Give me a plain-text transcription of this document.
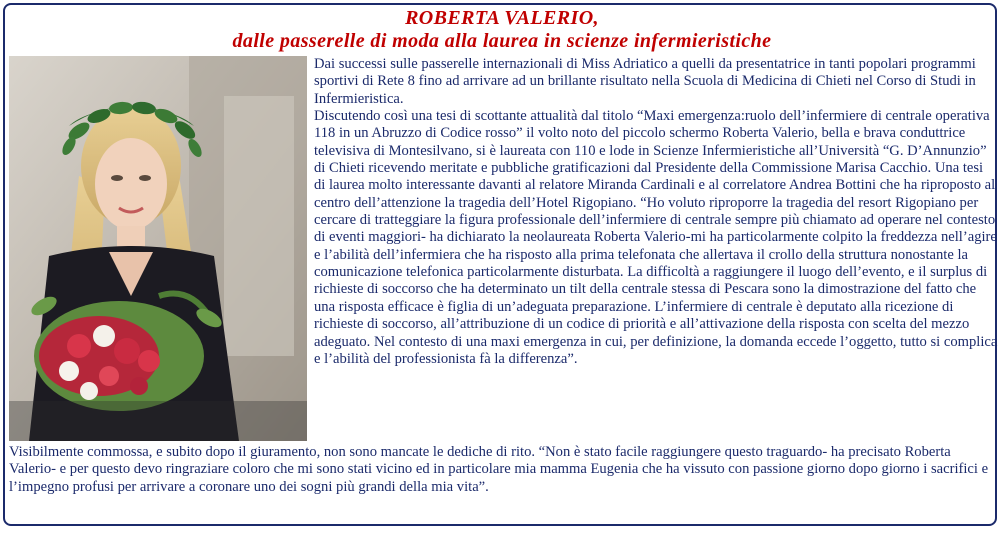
ROBERTA VALERIO,
dalle passerelle di moda alla laurea in scienze infermieristiche

Dai successi sulle passerelle internazionali di Miss Adriatico a quelli da presentatrice in tanti popolari programmi sportivi di Rete 8 fino ad arrivare ad un brillante risultato nella Scuola di Medicina di Chieti nel Corso di Studi in Infermieristica.

Discutendo così una tesi di scottante attualità dal titolo “Maxi emergenza:ruolo dell’infermiere di centrale operativa 118 in un Abruzzo di Codice rosso” il volto noto del piccolo schermo Roberta Valerio, bella e brava conduttrice televisiva di Montesilvano, si è laureata con 110 e lode in Scienze Infermieristiche all’Università “G. D’Annunzio” di Chieti ricevendo meritate e pubbliche gratificazioni dal Presidente della Commissione Marisa Cacchio. Una tesi di laurea molto interessante davanti al relatore Miranda Cardinali e al correlatore Andrea Bottini che ha riproposto al centro dell’attenzione la tragedia dell’Hotel Rigopiano. “Ho voluto riproporre la tragedia del resort Rigopiano per cercare di tratteggiare la figura professionale dell’infermiere di centrale sempre più chiamato ad operare nel contesto di eventi maggiori- ha dichiarato la neolaureata Roberta Valerio-mi ha particolarmente colpito la freddezza nell’agire e l’abilità dell’infermiera che ha risposto alla prima telefonata che allertava il crollo della struttura nonostante la comunicazione telefonica particolarmente disturbata. La difficoltà a raggiungere il luogo dell’evento, e il surplus di richieste di soccorso che ha determinato un tilt della centrale stessa di Pescara sono la dimostrazione del fatto che una risposta efficace è figlia di un’adeguata preparazione. L’infermiere di centrale è deputato alla ricezione di richieste di soccorso, all’attribuzione di un codice di priorità e all’attivazione della risposta con scelta del mezzo adeguato. Nel contesto di una maxi emergenza in cui, per definizione, la domanda eccede l’oggetto, tutto si complica e l’abilità del professionista fà la differenza”.

Visibilmente commossa, e subito dopo il giuramento, non sono mancate le dediche di rito. “Non è stato facile raggiungere questo traguardo- ha precisato Roberta Valerio- e per questo devo ringraziare coloro che mi sono stati vicino ed in particolare mia mamma Eugenia che ha vissuto con passione giorno dopo giorno i sacrifici e l’impegno profusi per arrivare a coronare uno dei sogni più grandi della mia vita”.
